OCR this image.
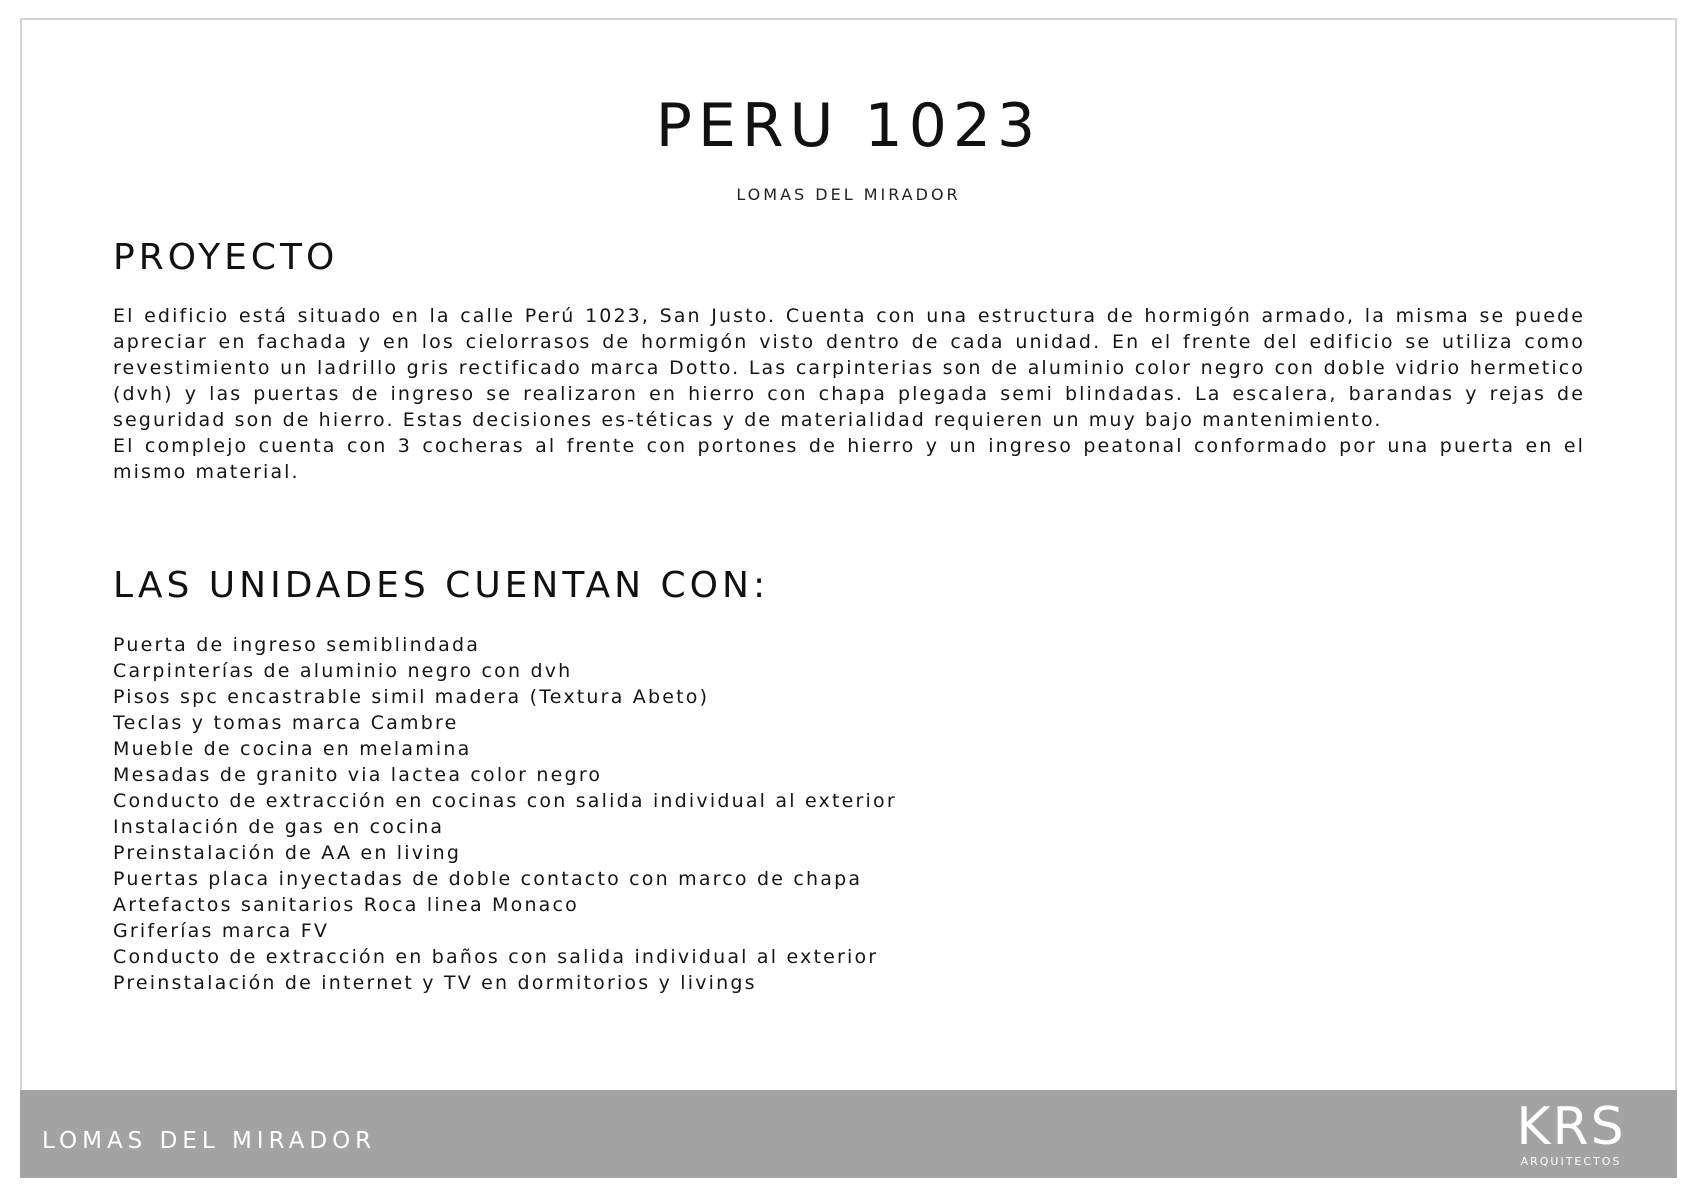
PERU 1023
LOMAS DEL MIRADOR
PROYECTO

El edificio está situado en la calle Perú 1023, San Justo. Cuenta con una estructura de hormigón armado, la misma se puede apreciar en fachada y en los cielorrasos de hormigón visto dentro de cada unidad. En el frente del edificio se utiliza como revestimiento un ladrillo gris rectificado marca Dotto. Las carpinterias son de aluminio color negro con doble vidrio hermetico (dvh) y las puertas de ingreso se realizaron en hierro con chapa plegada semi blindadas. La escalera, barandas y rejas de seguridad son de hierro. Estas decisiones es-téticas y de materialidad requieren un muy bajo mantenimiento.

El complejo cuenta con 3 cocheras al frente con portones de hierro y un ingreso peatonal conformado por una puerta en el mismo material.

LAS UNIDADES CUENTAN CON:
Puerta de ingreso semiblindada
Carpinterías de aluminio negro con dvh
Pisos spc encastrable simil madera (Textura Abeto)
Teclas y tomas marca Cambre
Mueble de cocina en melamina
Mesadas de granito via lactea color negro
Conducto de extracción en cocinas con salida individual al exterior
Instalación de gas en cocina
Preinstalación de AA en living
Puertas placa inyectadas de doble contacto con marco de chapa
Artefactos sanitarios Roca linea Monaco
Griferías marca FV
Conducto de extracción en baños con salida individual al exterior
Preinstalación de internet y TV en dormitorios y livings
LOMAS DEL MIRADOR	KRS
ARQUITECTOS
